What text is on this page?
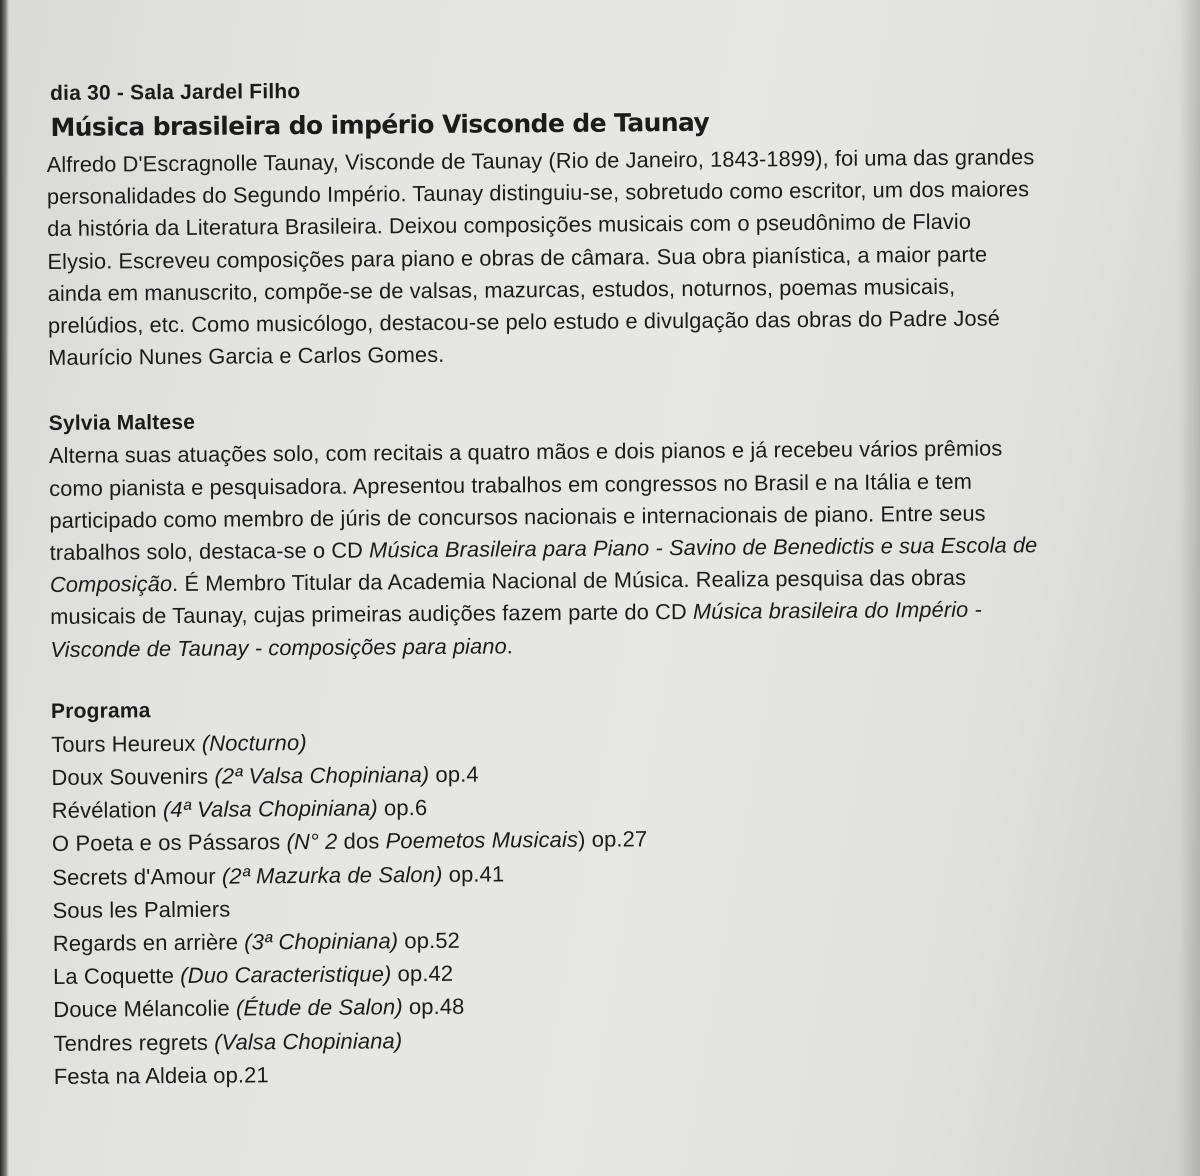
dia 30 - Sala Jardel Filho
Música brasileira do império Visconde de Taunay

Alfredo D'Escragnolle Taunay, Visconde de Taunay (Rio de Janeiro, 1843-1899), foi uma das grandes
personalidades do Segundo Império. Taunay distinguiu-se, sobretudo como escritor, um dos maiores
da história da Literatura Brasileira. Deixou composições musicais com o pseudônimo de Flavio
Elysio. Escreveu composições para piano e obras de câmara. Sua obra pianística, a maior parte
ainda em manuscrito, compõe-se de valsas, mazurcas, estudos, noturnos, poemas musicais,
prelúdios, etc. Como musicólogo, destacou-se pelo estudo e divulgação das obras do Padre José
Maurício Nunes Garcia e Carlos Gomes.

Sylvia Maltese

Alterna suas atuações solo, com recitais a quatro mãos e dois pianos e já recebeu vários prêmios
como pianista e pesquisadora. Apresentou trabalhos em congressos no Brasil e na Itália e tem
participado como membro de júris de concursos nacionais e internacionais de piano. Entre seus
trabalhos solo, destaca-se o CD Música Brasileira para Piano - Savino de Benedictis e sua Escola de
Composição. É Membro Titular da Academia Nacional de Música. Realiza pesquisa das obras
musicais de Taunay, cujas primeiras audições fazem parte do CD Música brasileira do Império -
Visconde de Taunay - composições para piano.

Programa
Tours Heureux (Nocturno)
Doux Souvenirs (2ª Valsa Chopiniana) op.4
Révélation (4ª Valsa Chopiniana) op.6
O Poeta e os Pássaros (N° 2 dos Poemetos Musicais) op.27
Secrets d'Amour (2ª Mazurka de Salon) op.41
Sous les Palmiers
Regards en arrière (3ª Chopiniana) op.52
La Coquette (Duo Caracteristique) op.42
Douce Mélancolie (Étude de Salon) op.48
Tendres regrets (Valsa Chopiniana)
Festa na Aldeia op.21
